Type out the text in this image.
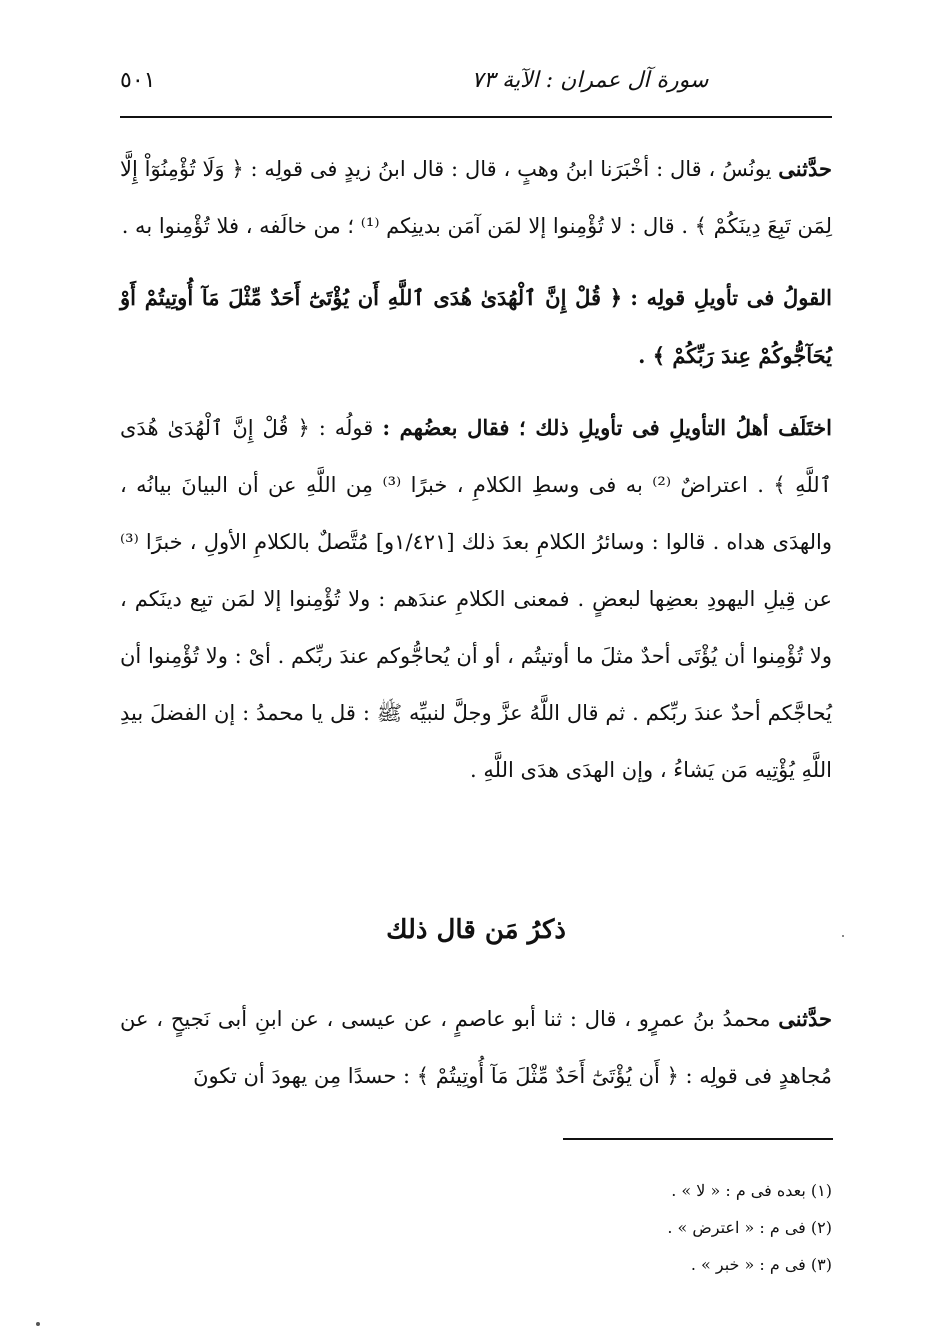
٥٠١	سورة آل عمران : الآية ٧٣

حدَّثنى يونُسُ ، قال : أخْبَرَنا ابنُ وهبٍ ، قال : قال ابنُ زيدٍ فى قولِه : ﴿ وَلَا تُؤْمِنُوٓاْ إِلَّا لِمَن تَبِعَ دِينَكُمْ ﴾ . قال : لا تُؤْمِنوا إلا لمَن آمَن بدينِكم ⁽¹⁾ ؛ من خالَفه ، فلا تُؤْمِنوا به .

القولُ فى تأويلِ قولِه : ﴿ قُلْ إِنَّ ٱلْهُدَىٰ هُدَى ٱللَّهِ أَن يُؤْتَىٰٓ أَحَدٌ مِّثْلَ مَآ أُوتِيتُمْ أَوْ يُحَآجُّوكُمْ عِندَ رَبِّكُمْ ﴾ .

اختَلَف أهلُ التأويلِ فى تأويلِ ذلك ؛ فقال بعضُهم : قولُه : ﴿ قُلْ إِنَّ ٱلْهُدَىٰ هُدَى ٱللَّهِ ﴾ . اعتراضٌ ⁽²⁾ به فى وسطِ الكلامِ ، خبرًا ⁽³⁾ مِن اللَّهِ عن أن البيانَ بيانُه ، والهدَى هداه . قالوا : وسائرُ الكلامِ بعدَ ذلك [١/٤٢١و] مُتَّصلٌ بالكلامِ الأولِ ، خبرًا ⁽³⁾ عن قِيلِ اليهودِ بعضِها لبعضٍ . فمعنى الكلامِ عندَهم : ولا تُؤْمِنوا إلا لمَن تبِع دينَكم ، ولا تُؤْمِنوا أن يُؤْتَى أحدٌ مثلَ ما أوتيتُم ، أو أن يُحاجُّوكم عندَ ربِّكم . أىْ : ولا تُؤْمِنوا أن يُحاجَّكم أحدٌ عندَ ربِّكم . ثم قال اللَّهُ عزَّ وجلَّ لنبيِّه ﷺ : قل يا محمدُ : إن الفضلَ بيدِ اللَّهِ يُؤْتِيه مَن يَشاءُ ، وإن الهدَى هدَى اللَّهِ .

ذكرُ مَن قال ذلك

حدَّثنى محمدُ بنُ عمرٍو ، قال : ثنا أبو عاصمٍ ، عن عيسى ، عن ابنِ أبى نَجيحٍ ، عن مُجاهدٍ فى قولِه : ﴿ أَن يُؤْتَىٰٓ أَحَدٌ مِّثْلَ مَآ أُوتِيتُمْ ﴾ : حسدًا مِن يهودَ أن تكونَ

(١) بعده فى م : « لا » .
(٢) فى م : « اعترض » .
(٣) فى م : « خبر » .
